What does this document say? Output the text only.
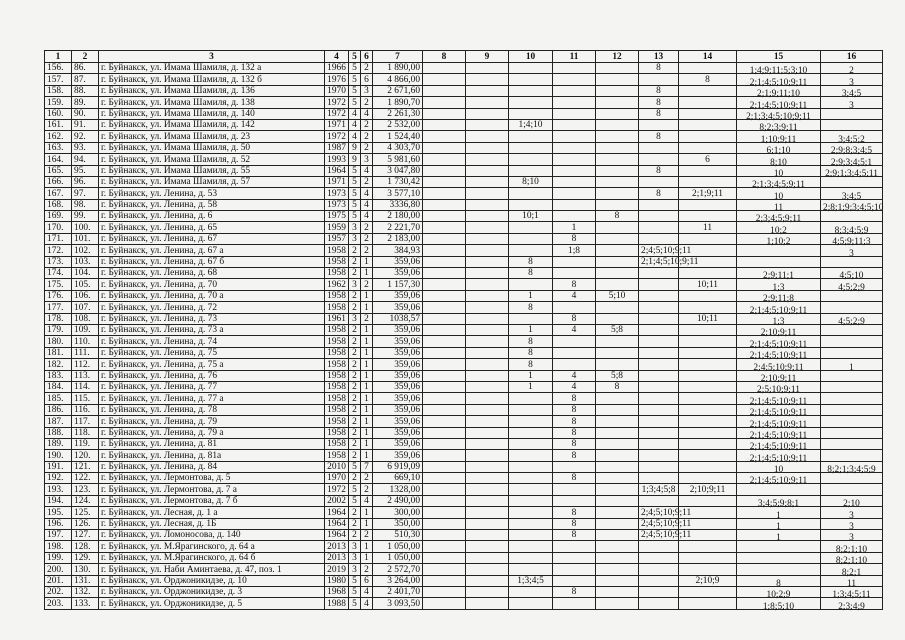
1	2	3	4	5	6	7	8	9	10	11	12	13	14	15	16
156.	86.	г. Буйнакск, ул. Имама Шамиля, д. 132 а	1966	5	2	1 890,00						8		1;4;9;11;5;3;10	2
157.	87.	г. Буйнакск, ул. Имама Шамиля, д. 132 б	1976	5	6	4 866,00							8	2;1;4;5;10;9;11	3
158.	88.	г. Буйнакск, ул. Имама Шамиля, д. 136	1970	5	3	2 671,60						8		2;1;9;11;10	3;4;5
159.	89.	г. Буйнакск, ул. Имама Шамиля, д. 138	1972	5	2	1 890,70						8		2;1;4;5;10;9;11	3
160.	90.	г. Буйнакск, ул. Имама Шамиля, д. 140	1972	4	4	2 261,30						8		2;1;3;4;5;10;9;11	
161.	91.	г. Буйнакск, ул. Имама Шамиля, д. 142	1971	4	2	2 532,00			1;4;10					8;2;3;9;11	
162.	92.	г. Буйнакск, ул. Имама Шамиля, д. 23	1972	4	2	1 524,40						8		1;10;9;11	3;4;5;2
163.	93.	г. Буйнакск, ул. Имама Шамиля, д. 50	1987	9	2	4 303,70								6;1;10	2;9;8;3;4;5
164.	94.	г. Буйнакск, ул. Имама Шамиля, д. 52	1993	9	3	5 981,60							6	8;10	2;9;3;4;5;1
165.	95.	г. Буйнакск, ул. Имама Шамиля, д. 55	1964	5	4	3 047,80						8		10	2;9;1;3;4;5;11
166.	96.	г. Буйнакск, ул. Имама Шамиля, д. 57	1971	5	2	1 730,42			8;10					2;1;3;4;5;9;11	
167.	97.	г. Буйнакск, ул. Ленина, д. 53	1973	5	4	3 577,10						8	2;1;9;11	10	3;4;5
168.	98.	г. Буйнакск, ул. Ленина, д. 58	1973	5	4	3336,80								11	2;8;1;9;3;4;5;10
169.	99.	г. Буйнакск, ул. Ленина, д. 6	1975	5	4	2 180,00			10;1		8			2;3;4;5;9;11	
170.	100.	г. Буйнакск, ул. Ленина, д. 65	1959	3	2	2 221,70				1			11	10;2	8;3;4;5;9
171.	101.	г. Буйнакск, ул. Ленина, д. 67	1957	3	2	2 183,00				8				1;10;2	4;5;9;11;3
172.	102.	г. Буйнакск, ул. Ленина, д. 67 а	1958	2	2	384,93				1;8		2;4;5;10;9;11			3
173.	103.	г. Буйнакск, ул. Ленина, д. 67 б	1958	2	1	359,06			8			2;1;4;5;10;9;11			
174.	104.	г. Буйнакск, ул. Ленина, д. 68	1958	2	1	359,06			8					2;9;11;1	4;5;10
175.	105.	г. Буйнакск, ул. Ленина, д. 70	1962	3	2	1 157,30				8			10;11	1;3	4;5;2;9
176.	106.	г. Буйнакск, ул. Ленина, д. 70 а	1958	2	1	359,06			1	4	5;10			2;9;11;8	
177.	107.	г. Буйнакск, ул. Ленина, д. 72	1958	2	1	359,06			8					2;1;4;5;10;9;11	
178.	108.	г. Буйнакск, ул. Ленина, д. 73	1961	3	2	1038,57				8			10;11	1;3	4;5;2;9
179.	109.	г. Буйнакск, ул. Ленина, д. 73 а	1958	2	1	359,06			1	4	5;8			2;10;9;11	
180.	110.	г. Буйнакск, ул. Ленина, д. 74	1958	2	1	359,06			8					2;1;4;5;10;9;11	
181.	111.	г. Буйнакск, ул. Ленина, д. 75	1958	2	1	359,06			8					2;1;4;5;10;9;11	
182.	112.	г. Буйнакск, ул. Ленина, д. 75 а	1958	2	1	359,06			8					2;4;5;10;9;11	1
183.	113.	г. Буйнакск, ул. Ленина, д. 76	1958	2	1	359,06			1	4	5;8			2;10;9;11	
184.	114.	г. Буйнакск, ул. Ленина, д. 77	1958	2	1	359,06			1	4	8			2;5;10;9;11	
185.	115.	г. Буйнакск, ул. Ленина, д. 77 а	1958	2	1	359,06				8				2;1;4;5;10;9;11	
186.	116.	г. Буйнакск, ул. Ленина, д. 78	1958	2	1	359,06				8				2;1;4;5;10;9;11	
187.	117.	г. Буйнакск, ул. Ленина, д. 79	1958	2	1	359,06				8				2;1;4;5;10;9;11	
188.	118.	г. Буйнакск, ул. Ленина, д. 79 а	1958	2	1	359,06				8				2;1;4;5;10;9;11	
189.	119.	г. Буйнакск, ул. Ленина, д. 81	1958	2	1	359,06				8				2;1;4;5;10;9;11	
190.	120.	г. Буйнакск, ул. Ленина, д. 81а	1958	2	1	359,06				8				2;1;4;5;10;9;11	
191.	121.	г. Буйнакск, ул. Ленина, д. 84	2010	5	7	6 919,09								10	8;2;1;3;4;5;9
192.	122.	г. Буйнакск, ул. Лермонтова, д. 5	1970	2	2	669,10				8				2;1;4;5;10;9;11	
193.	123.	г. Буйнакск, ул. Лермонтова, д. 7 а	1972	5	2	1328,00						1;3;4;5;8	2;10;9;11		
194.	124.	г. Буйнакск, ул. Лермонтова, д. 7 б	2002	5	4	2 490,00								3;4;5;9;8;1	2;10
195.	125.	г. Буйнакск, ул. Лесная, д. 1 а	1964	2	1	300,00				8		2;4;5;10;9;11		1	3
196.	126.	г. Буйнакск, ул. Лесная, д. 1Б	1964	2	1	350,00				8		2;4;5;10;9;11		1	3
197.	127.	г. Буйнакск, ул. Ломоносова, д. 140	1964	2	2	510,30				8		2;4;5;10;9;11		1	3
198.	128.	г. Буйнакск, ул. М.Ярагинского, д. 64 а	2013	3	1	1 050,00									8;2;1;10
199.	129.	г. Буйнакск, ул. М.Ярагинского, д. 64 б	2013	3	1	1 050,00									8;2;1;10
200.	130.	г. Буйнакск, ул. Наби Аминтаева, д. 47, поз. 1	2019	3	2	2 572,70									8;2;1
201.	131.	г. Буйнакск, ул. Орджоникидзе, д. 10	1980	5	6	3 264,00			1;3;4;5				2;10;9	8	11
202.	132.	г. Буйнакск, ул. Орджоникидзе, д. 3	1968	5	4	2 401,70				8				10;2;9	1;3;4;5;11
203.	133.	г. Буйнакск, ул. Орджоникидзе, д. 5	1988	5	4	3 093,50								1;8;5;10	2;3;4;9
